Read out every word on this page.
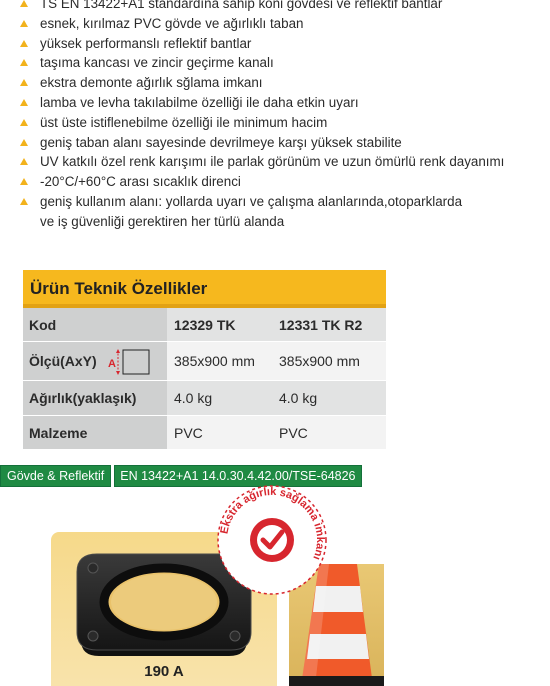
TS EN 13422+A1 standardına sahip koni gövdesi ve reflektif bantlar
esnek, kırılmaz PVC gövde ve ağırlıklı taban
yüksek performanslı reflektif bantlar
taşıma kancası ve zincir geçirme kanalı
ekstra demonte ağırlık sğlama imkanı
lamba ve levha takılabilme özelliği ile daha etkin uyarı
üst üste istiflenebilme özelliği ile minimum hacim
geniş taban alanı sayesinde devrilmeye karşı yüksek stabilite
UV katkılı özel renk karışımı ile parlak görünüm ve uzun ömürlü renk dayanımı
-20°C/+60°C arası sıcaklık direnci
geniş kullanım alanı: yollarda uyarı ve çalışma alanlarında,otoparklarda
ve iş güvenliği gerektiren her türlü alanda
Ürün Teknik Özellikler
Kod	12329 TK	12331 TK R2
Ölçü(AxY) A	385x900 mm	385x900 mm
Ağırlık(yaklaşık)	4.0 kg	4.0 kg
Malzeme	PVC	PVC
Gövde & Reflektif	EN 13422+A1 14.0.30.4.42.00/TSE-64826
190 A
Ekstra ağırlık sağlama imkanı
